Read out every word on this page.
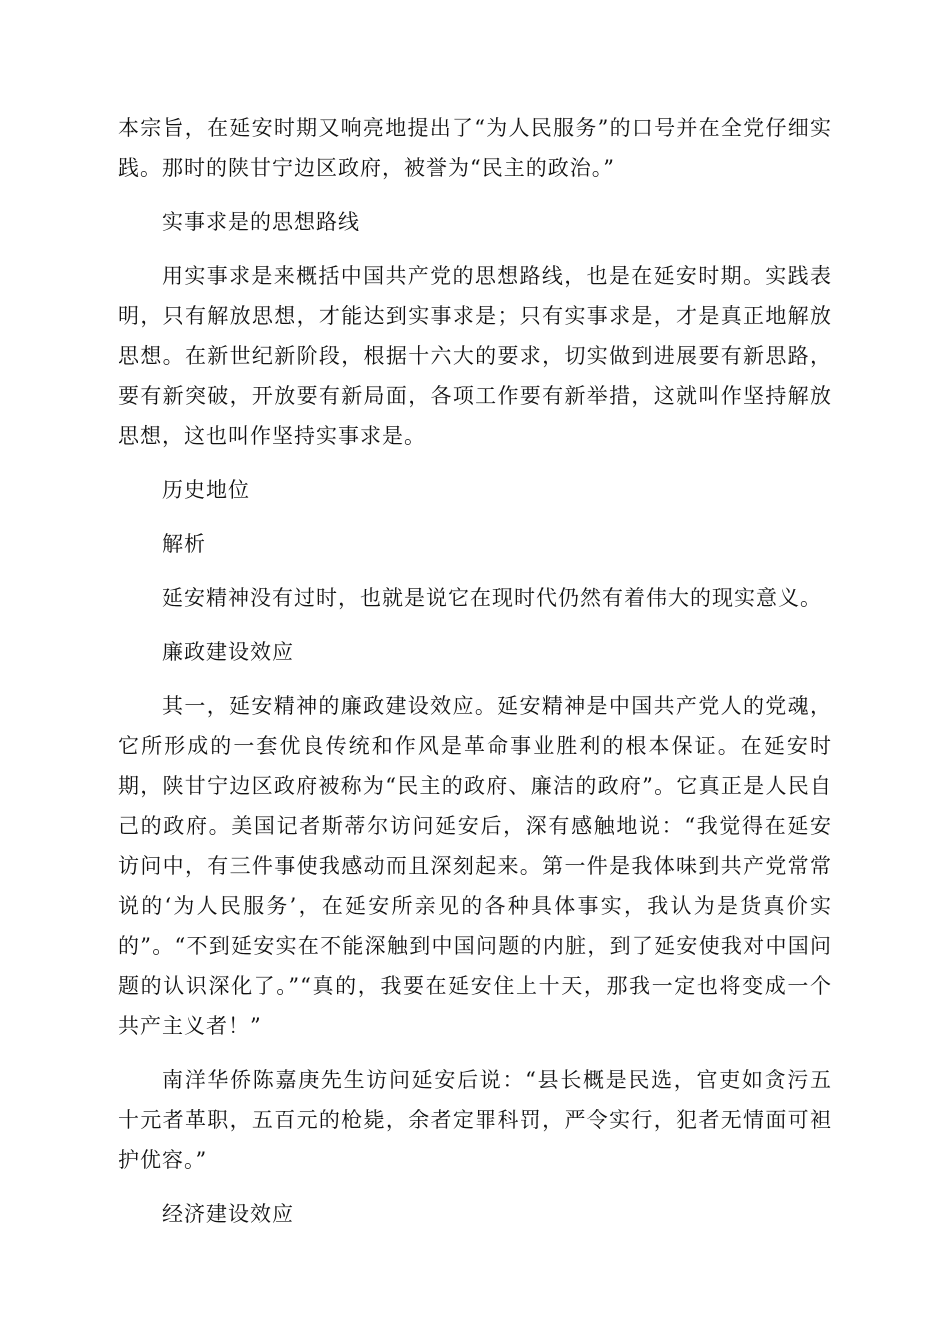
本宗旨，在延安时期又响亮地提出了“为人民服务”的口号并在全党仔细实践。那时的陕甘宁边区政府，被誉为“民主的政治。”

实事求是的思想路线

用实事求是来概括中国共产党的思想路线，也是在延安时期。实践表明，只有解放思想，才能达到实事求是；只有实事求是，才是真正地解放思想。在新世纪新阶段，根据十六大的要求，切实做到进展要有新思路，要有新突破，开放要有新局面，各项工作要有新举措，这就叫作坚持解放思想，这也叫作坚持实事求是。

历史地位

解析

延安精神没有过时，也就是说它在现时代仍然有着伟大的现实意义。

廉政建设效应

其一，延安精神的廉政建设效应。延安精神是中国共产党人的党魂，它所形成的一套优良传统和作风是革命事业胜利的根本保证。在延安时期，陕甘宁边区政府被称为“民主的政府、廉洁的政府”。它真正是人民自己的政府。美国记者斯蒂尔访问延安后，深有感触地说：“我觉得在延安访问中，有三件事使我感动而且深刻起来。第一件是我体味到共产党常常说的‘为人民服务’，在延安所亲见的各种具体事实，我认为是货真价实的”。“不到延安实在不能深触到中国问题的内脏，到了延安使我对中国问题的认识深化了。”“真的，我要在延安住上十天，那我一定也将变成一个共产主义者！”

南洋华侨陈嘉庚先生访问延安后说：“县长概是民选，官吏如贪污五十元者革职，五百元的枪毙，余者定罪科罚，严令实行，犯者无情面可袒护优容。”

经济建设效应
